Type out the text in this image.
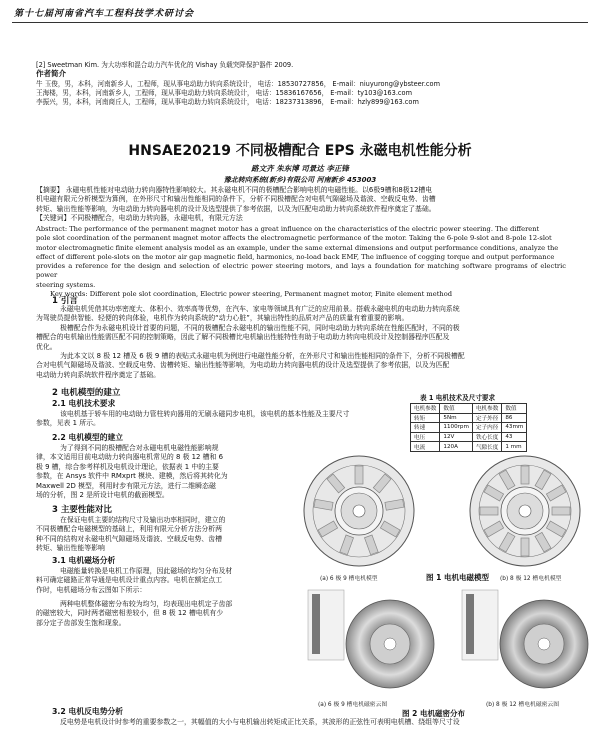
第十七届河南省汽车工程科技学术研讨会
[2] Sweetman Kim. 为大功率和混合动力汽车优化的 Vishay 负载突降保护器件 2009.
作者简介
牛 玉俊，男，本科，河南新乡人，工程师，现从事电动助力转向系统设计， 电话：18530727856， E-mail：niuyurong@ybsteer.com
王海楼，男，本科，河南新乡人，工程师，现从事电动助力转向系统设计， 电话：15836167656， E-mail：ty103@163.com
李振兴，男，本科，河南商丘人，工程师，现从事电动助力转向系统设计， 电话：18237313896， E-mail：hzly899@163.com
HNSAE20219 不同极槽配合 EPS 永磁电机性能分析
路文齐 朱东博 司景达 李正锋
豫北转向系统(新乡)有限公司 河南新乡 453003
【摘要】 永磁电机性能对电动助力转向器特性影响较大。其永磁电机不同的极槽配合影响电机的电磁性能。以6极9槽和8极12槽电
机电磁有限元分析模型为算例，在外形尺寸和输出性能相同的条件下，分析不同极槽配合对电机气隙磁场及谐波、空载反电势、齿槽
转矩、输出性能等影响，为电动助力转向器电机的设计及选型提供了参考依据，以及为匹配电动助力转向系统软件程序奠定了基础。
【关键词】不同极槽配合，电动助力转向器，永磁电机，有限元方法
Abstract: The performance of the permanent magnet motor has a great influence on the characteristics of the electric power steering. The different
pole slot coordination of the permanent magnet motor affects the electromagnetic performance of the motor. Taking the 6-pole 9-slot and 8-pole 12-slot
motor electromagnetic finite element analysis model as an example, under the same external dimensions and output performance conditions, analyze the
effect of different pole-slots on the motor air gap magnetic field, harmonics, no-load back EMF, The influence of cogging torque and output performance
provides a reference for the design and selection of electric power steering motors, and lays a foundation for matching software programs of electric power
steering systems.
Key words: Different pole slot coordination, Electric power steering, Permanent magnet motor, Finite element method
1 引言
永磁电机凭借其功率密度大、体积小、效率高等优势，在汽车、家电等领域具有广泛的应用前景。搭载永磁电机的电动助力转向系统
为驾驶员提供智能、轻便的转向体验，电机作为转向系统的“动力心脏”，其输出特性的品质对产品的质量有着重要的影响。
极槽配合作为永磁电机设计首要的问题，不同的极槽配合永磁电机的输出性能不同，同时电动助力转向系统在性能匹配时，不同的极
槽配合的电机输出性能需匹配不同的控制策略，因此了解不同极槽比电机输出性能特性有助于电动助力转向电机设计及控制器程序匹配及
优化。
为此本文以 8 极 12 槽及 6 极 9 槽的表贴式永磁电机为例进行电磁性能分析，在外形尺寸和输出性能相同的条件下，分析不同极槽配
合对电机气隙磁场及谐波、空载反电势、齿槽转矩、输出性能等影响，为电动助力转向器电机的设计及选型提供了参考依据，以及为匹配
电动助力转向系统软件程序奠定了基础。
2 电机模型的建立
2.1 电机技术要求
该电机基于轿车用的电动助力管柱转向器用的无刷永磁同步电机，该电机的基本性能及主要尺寸
参数，见表 1 所示。
2.2 电机模型的建立
为了得到不同的极槽配合对永磁电机电磁性能影响规
律，本文适用目前电动助力转向器电机常见的 8 极 12 槽和 6
极 9 槽，综合参考样机及电机设计理论，依据表 1 中的主要
参数，在 Ansys 软件中 RMxprt 模块、建模，然后将其转化为
Maxwell 2D 模型，利用时步有限元方法，进行二维瞬态磁
场的分析，图 2 是所设计电机的截面模型。
表 1 电机技术及尺寸要求
电机参数	数值	电机参数	数值
转矩	5Nm	定子外径	86
转速	1100rpm	定子内径	43mm
电压	12V	铁心长度	43
电流	120A	气隙长度	1 mm
(a) 6 极 9 槽电机模型	图 1 电机电磁模型 (b) 8 极 12 槽电机模型
3 主要性能对比
在保证电机主要的结构尺寸及输出功率相同时，建立的
不同极槽配合电磁模型的基础上，利用有限元分析方法分析两
种不同的结构对永磁电机气隙磁场及谐波、空载反电势、齿槽
转矩、输出性能等影响
3.1 电机磁场分析
电磁能量转换是电机工作原理，因此磁场的均匀分布及材
料可确定磁路正常导通是电机设计重点内容。电机在额定点工
作时，电机磁场分布云图如下所示：
两种电机整体磁密分布较为均匀，均表现出电机定子齿部
的磁密较大，同时两者磁密相差较小，但 8 极 12 槽电机有少
部分定子齿部发生饱和现象。
(a) 6 极 9 槽电机磁密云图	(b) 8 极 12 槽电机磁密云图
图 2 电机磁密分布
3.2 电机反电势分析
反电势是电机设计时参考的重要参数之一，其幅值的大小与电机输出转矩成正比关系，其波形的正弦性可表明电机槽、绕组等尺寸设
